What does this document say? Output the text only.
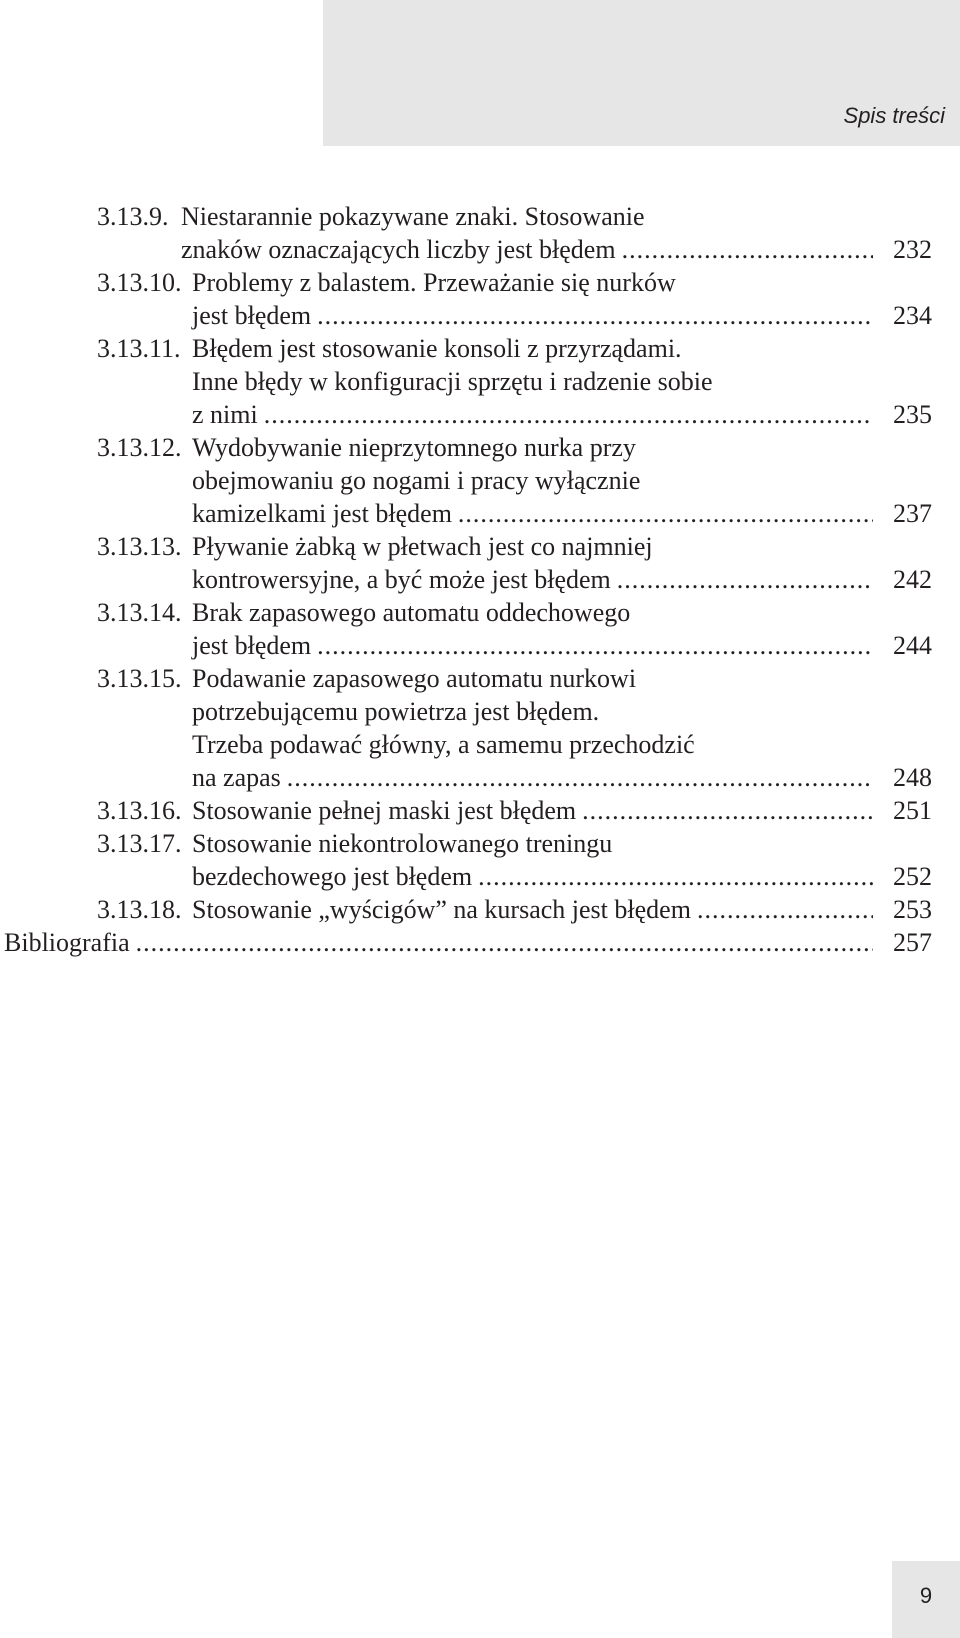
Spis treści
3.13.9. Niestarannie pokazywane znaki. Stosowanie
znaków oznaczających liczby jest błędem .....	232
3.13.10. Problemy z balastem. Przeważanie się nurków
jest błędem .....	234
3.13.11. Błędem jest stosowanie konsoli z przyrządami.
Inne błędy w konfiguracji sprzętu i radzenie sobie
z nimi .....	235
3.13.12. Wydobywanie nieprzytomnego nurka przy
obejmowaniu go nogami i pracy wyłącznie
kamizelkami jest błędem .....	237
3.13.13. Pływanie żabką w płetwach jest co najmniej
kontrowersyjne, a być może jest błędem .....	242
3.13.14. Brak zapasowego automatu oddechowego
jest błędem .....	244
3.13.15. Podawanie zapasowego automatu nurkowi
potrzebującemu powietrza jest błędem.
Trzeba podawać główny, a samemu przechodzić
na zapas .....	248
3.13.16. Stosowanie pełnej maski jest błędem .....	251
3.13.17. Stosowanie niekontrolowanego treningu
bezdechowego jest błędem .....	252
3.13.18. Stosowanie „wyścigów” na kursach jest błędem .....	253
Bibliografia .....	257
9
